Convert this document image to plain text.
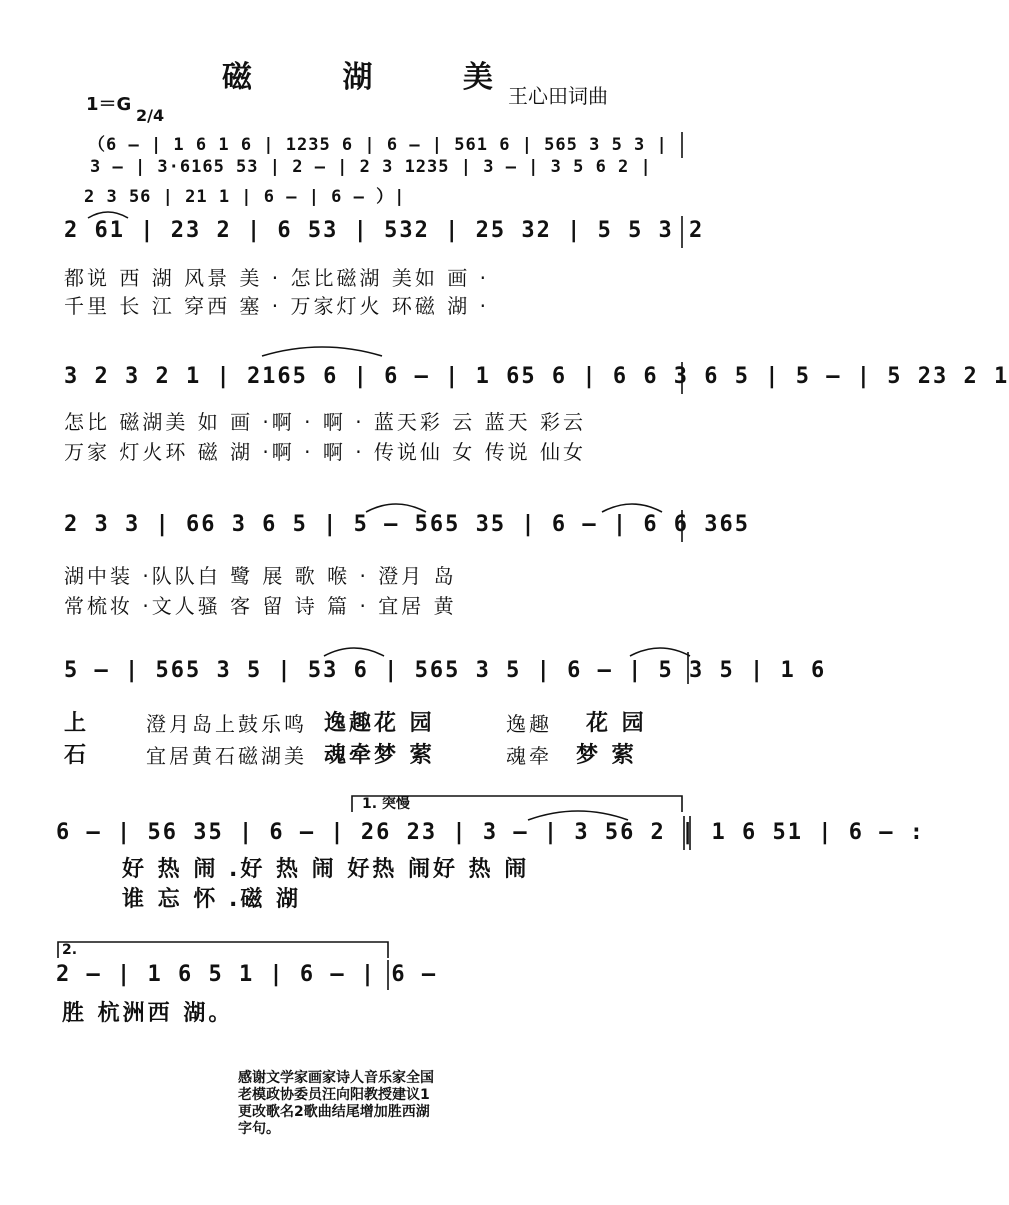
磁 湖 美
王心田词曲
1＝G
2/4
（6 — | 1 6 1 6 | 1235 6 | 6 — | 561 6 | 565 3 5 3 |
3 — | 3·6165 53 | 2 — | 2 3 1235 | 3 — | 3 5 6 2 |
2 3 56 | 21 1 | 6 — | 6 — ）|
2 61 | 23 2 | 6 53 | 532 | 25 32 | 5 5 3 2
都说 西 湖 风景 美 · 怎比磁湖 美如 画 ·
千里 长 江 穿西 塞 · 万家灯火 环磁 湖 ·
3 2 3 2 1 | 2165 6 | 6 — | 1 65 6 | 6 6 3 6 5 | 5 — | 5 23 2 1
怎比 磁湖美 如 画 ·啊 · 啊 · 蓝天彩 云 蓝天 彩云
万家 灯火环 磁 湖 ·啊 · 啊 · 传说仙 女 传说 仙女
2 3 3 | 66 3 6 5 | 5 — 565 35 | 6 — | 6 6 365
湖中装 ·队队白 鹭 展 歌 喉 · 澄月 岛
常梳妆 ·文人骚 客 留 诗 篇 · 宜居 黄
5 — | 565 3 5 | 53 6 | 565 3 5 | 6 — | 5 3 5 | 1 6
上	澄月岛上鼓乐鸣 逸趣花 园	逸趣 花 园
石	宜居黄石磁湖美 魂牵梦 萦	魂牵 梦 萦
1. 突慢
6 — | 56 35 | 6 — | 26 23 | 3 — | 3 56 2 | 1 6 51 | 6 — :
好 热 闹 .好 热 闹 好热 闹好 热 闹
谁 忘 怀 .磁 湖
2.
2 — | 1 6 5 1 | 6 — | 6 —
胜 杭洲西 湖。
感谢文学家画家诗人音乐家全国
老模政协委员汪向阳教授建议1
更改歌名2歌曲结尾增加胜西湖
字句。
